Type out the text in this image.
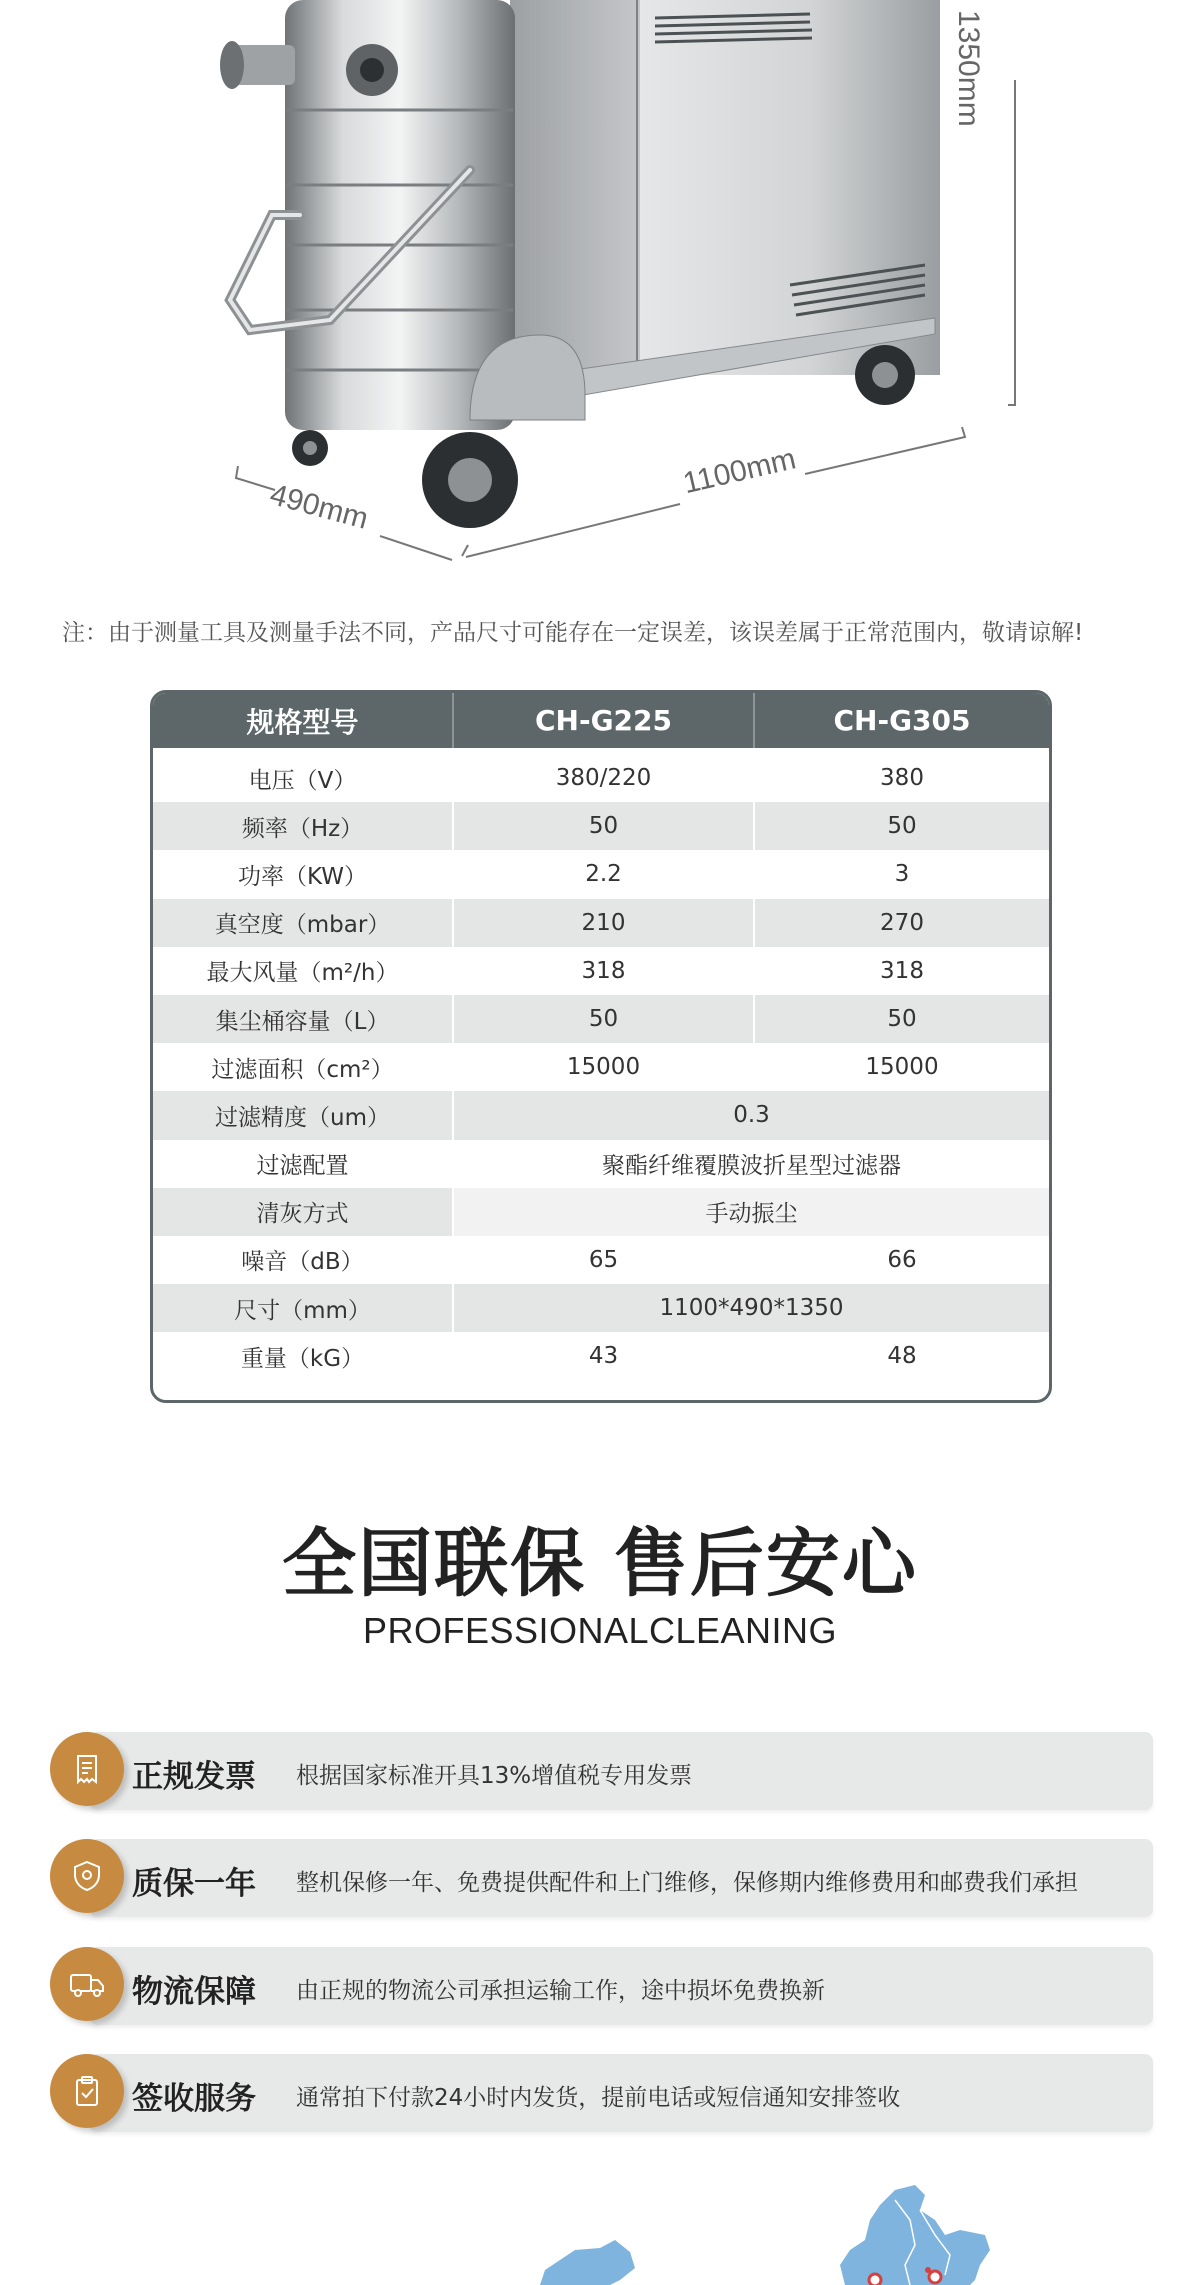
490mm
1100mm
1350mm
注：由于测量工具及测量手法不同，产品尺寸可能存在一定误差，该误差属于正常范围内，敬请谅解!
规格型号	CH-G225	CH-G305
电压（V）	380/220	380
频率（Hz）	50	50
功率（KW）	2.2	3
真空度（mbar）	210	270
最大风量（m²/h）	318	318
集尘桶容量（L）	50	50
过滤面积（cm²）	15000	15000
过滤精度（um）	0.3
过滤配置	聚酯纤维覆膜波折星型过滤器
清灰方式	手动振尘
噪音（dB）	65	66
尺寸（mm）	1100*490*1350
重量（kG）	43	48
全国联保 售后安心
PROFESSIONALCLEANING
正规发票 根据国家标准开具13%增值税专用发票
质保一年 整机保修一年、免费提供配件和上门维修，保修期内维修费用和邮费我们承担
物流保障 由正规的物流公司承担运输工作，途中损坏免费换新
签收服务 通常拍下付款24小时内发货，提前电话或短信通知安排签收
